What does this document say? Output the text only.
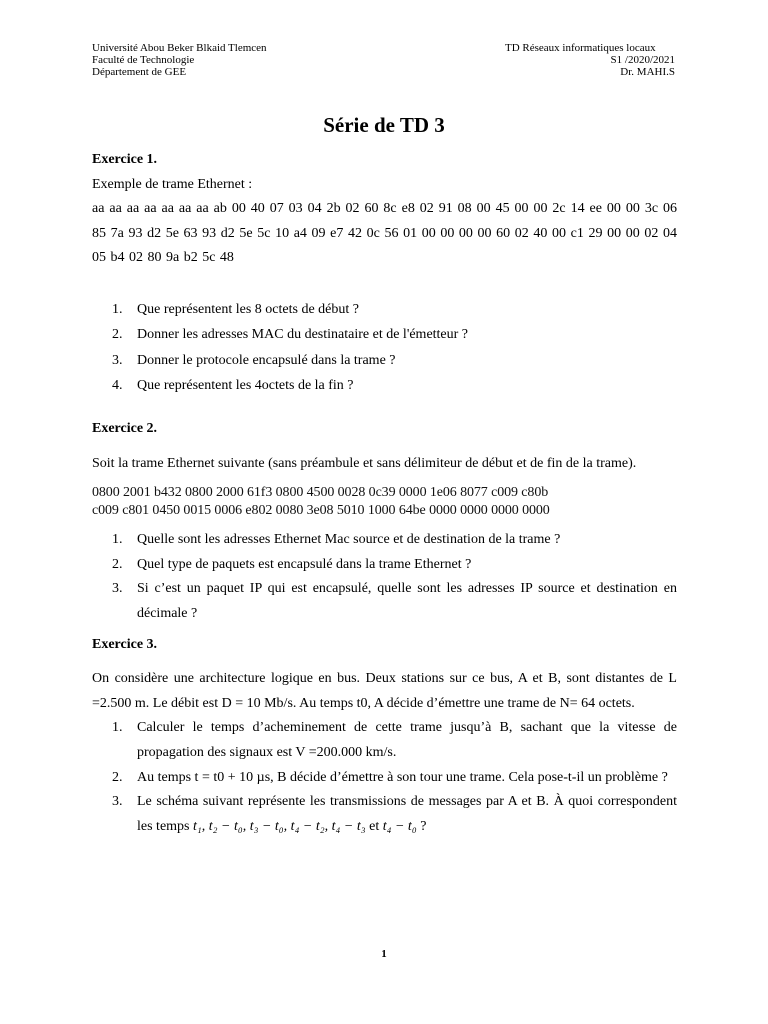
Université Abou Beker Blkaid Tlemcen
Faculté de Technologie
Département de GEE
TD Réseaux informatiques locaux
S1 /2020/2021
Dr. MAHI.S
Série de TD 3

Exercice 1.

Exemple de trame Ethernet :

aa aa aa aa aa aa aa ab 00 40 07 03 04 2b 02 60 8c e8 02 91 08 00 45 00 00 2c 14 ee 00 00 3c 06 85 7a 93 d2 5e 63 93 d2 5e 5c 10 a4 09 e7 42 0c 56 01 00 00 00 00 60 02 40 00 c1 29 00 00 02 04 05 b4 02 80 9a b2 5c 48

1. Que représentent les 8 octets de début ?
2. Donner les adresses MAC du destinataire et de l'émetteur ?
3. Donner le protocole encapsulé dans la trame ?
4. Que représentent les 4octets de la fin ?

Exercice 2.

Soit la trame Ethernet suivante (sans préambule et sans délimiteur de début et de fin de la trame).

0800 2001 b432 0800 2000 61f3 0800 4500 0028 0c39 0000 1e06 8077 c009 c80b

c009 c801 0450 0015 0006 e802 0080 3e08 5010 1000 64be 0000 0000 0000 0000

1. Quelle sont les adresses Ethernet Mac source et de destination de la trame ?
2. Quel type de paquets est encapsulé dans la trame Ethernet ?
3. Si c’est un paquet IP qui est encapsulé, quelle sont les adresses IP source et destination en décimale ?

Exercice 3.

On considère une architecture logique en bus. Deux stations sur ce bus, A et B, sont distantes de L =2.500 m. Le débit est D = 10 Mb/s. Au temps t0, A décide d’émettre une trame de N= 64 octets.

1. Calculer le temps d’acheminement de cette trame jusqu’à B, sachant que la vitesse de propagation des signaux est V =200.000 km/s.
2. Au temps t = t0 + 10 µs, B décide d’émettre à son tour une trame. Cela pose-t-il un problème ?
3. Le schéma suivant représente les transmissions de messages par A et B. À quoi correspondent les temps t₁, t₂ − t₀, t₃ − t₀, t₄ − t₂, t₄ − t₃ et t₄ − t₀ ?
1
